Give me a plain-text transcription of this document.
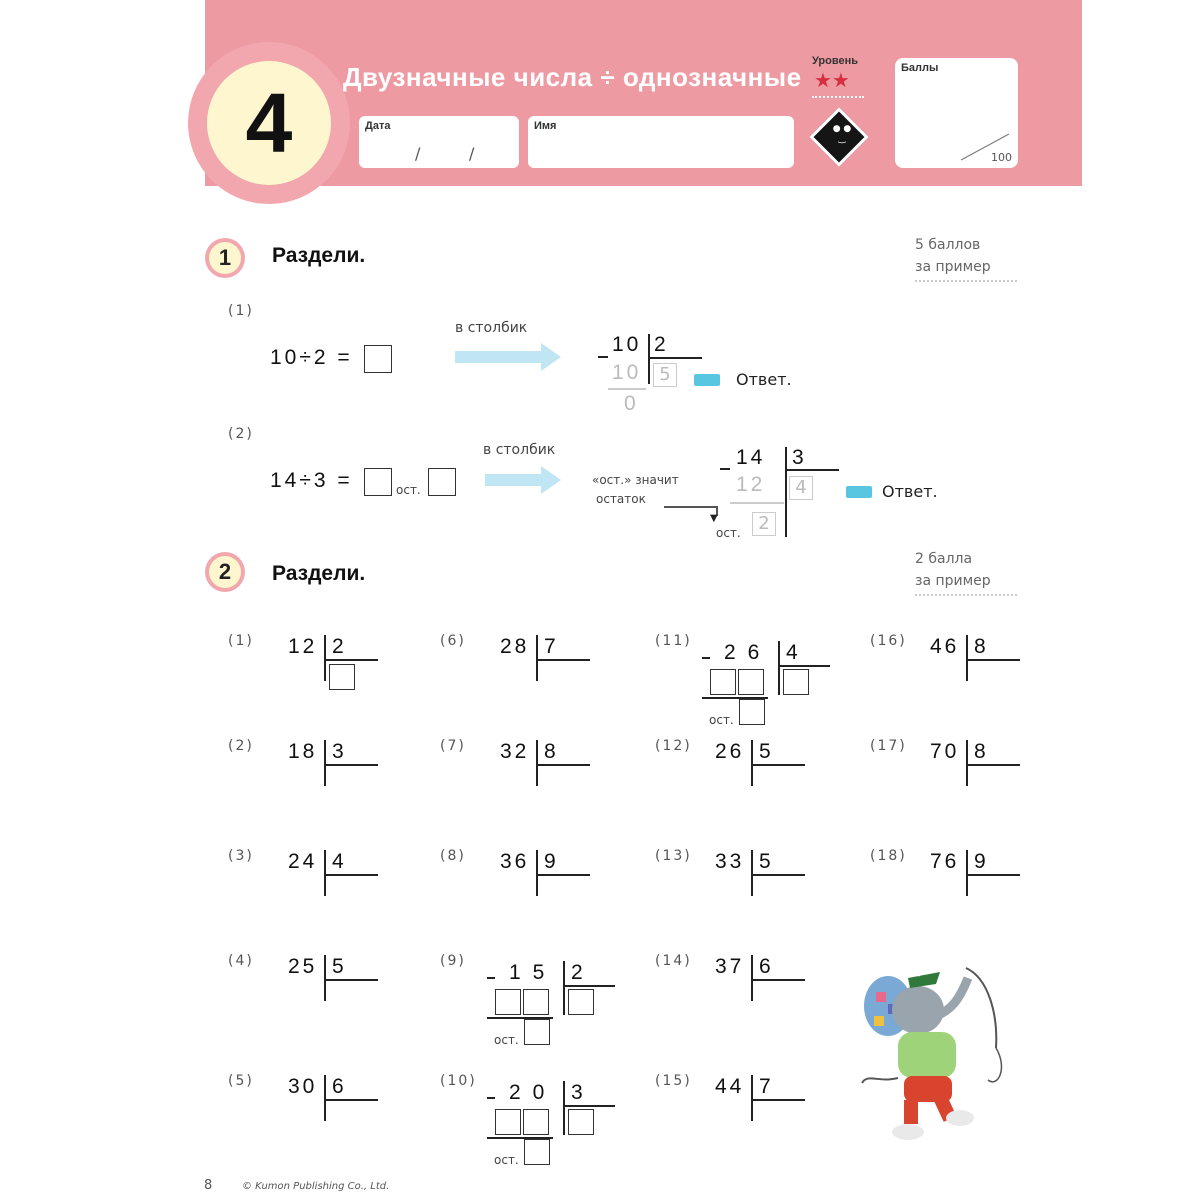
4	Двузначные числа ÷ однозначные
Дата
/	/
Имя
Уровень
★★
● ●
‿
Баллы
100
1	Раздели.	5 баллов
за пример
(1)
10÷2 =
в столбик
10 2
10 5
0
Ответ.
(2)
14÷3 =	ост.
в столбик
«ост.» значит
остаток
▼
14 3
12	4
ост. 2
Ответ.
2	Раздели.
2 балла
за пример
(1) 12 2
(2) 18 3
(3) 24 4
(4) 25 5
(5) 30 6
(6) 28 7
(7) 32 8
(8) 36 9
(9) 15 2
ост.
(10) 20 3
ост.
(11) 26 4
ост.
(12) 26 5
(13) 33 5
(14) 37 6
(15) 44 7
(16) 46 8
(17) 70 8
(18) 76 9
8	© Kumon Publishing Co., Ltd.
